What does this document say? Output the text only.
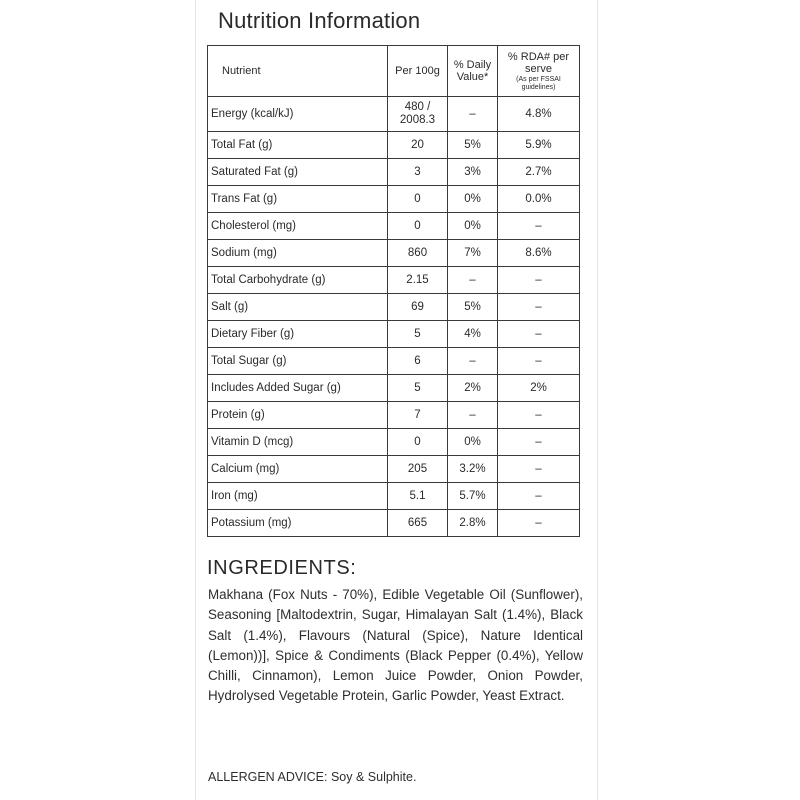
Nutrition Information
Nutrient	Per 100g	% Daily Value*	% RDA# per serve
(As per FSSAI guidelines)

Energy (kcal/kJ)	480 / 2008.3	–	4.8%
Total Fat (g)	20	5%	5.9%
Saturated Fat (g)	3	3%	2.7%
Trans Fat (g)	0	0%	0.0%
Cholesterol (mg)	0	0%	–
Sodium (mg)	860	7%	8.6%
Total Carbohydrate (g)	2.15	–	–
Salt (g)	69	5%	–
Dietary Fiber (g)	5	4%	–
Total Sugar (g)	6	–	–
Includes Added Sugar (g)	5	2%	2%
Protein (g)	7	–	–
Vitamin D (mcg)	0	0%	–
Calcium (mg)	205	3.2%	–
Iron (mg)	5.1	5.7%	–
Potassium (mg)	665	2.8%	–
INGREDIENTS:
Makhana (Fox Nuts - 70%), Edible Vegetable Oil (Sunflower), Seasoning [Maltodextrin, Sugar, Himalayan Salt (1.4%), Black Salt (1.4%), Flavours (Natural (Spice), Nature Identical (Lemon))], Spice & Condiments (Black Pepper (0.4%), Yellow Chilli, Cinnamon), Lemon Juice Powder, Onion Powder, Hydrolysed Vegetable Protein, Garlic Powder, Yeast Extract.
ALLERGEN ADVICE: Soy & Sulphite.
